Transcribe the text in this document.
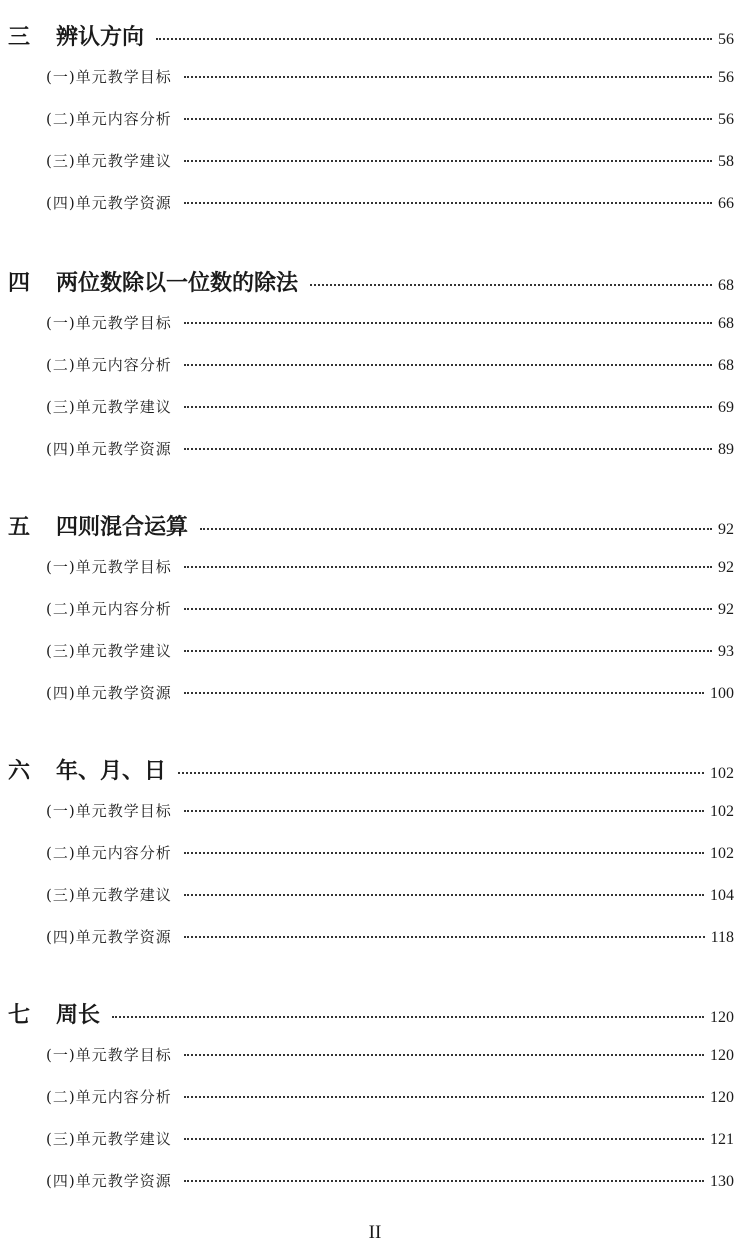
三	辨认方向	56
(一)单元教学目标	56
(二)单元内容分析	56
(三)单元教学建议	58
(四)单元教学资源	66
四	两位数除以一位数的除法	68
(一)单元教学目标	68
(二)单元内容分析	68
(三)单元教学建议	69
(四)单元教学资源	89
五	四则混合运算	92
(一)单元教学目标	92
(二)单元内容分析	92
(三)单元教学建议	93
(四)单元教学资源	100
六	年、月、日	102
(一)单元教学目标	102
(二)单元内容分析	102
(三)单元教学建议	104
(四)单元教学资源	118
七	周长	120
(一)单元教学目标	120
(二)单元内容分析	120
(三)单元教学建议	121
(四)单元教学资源	130
II
